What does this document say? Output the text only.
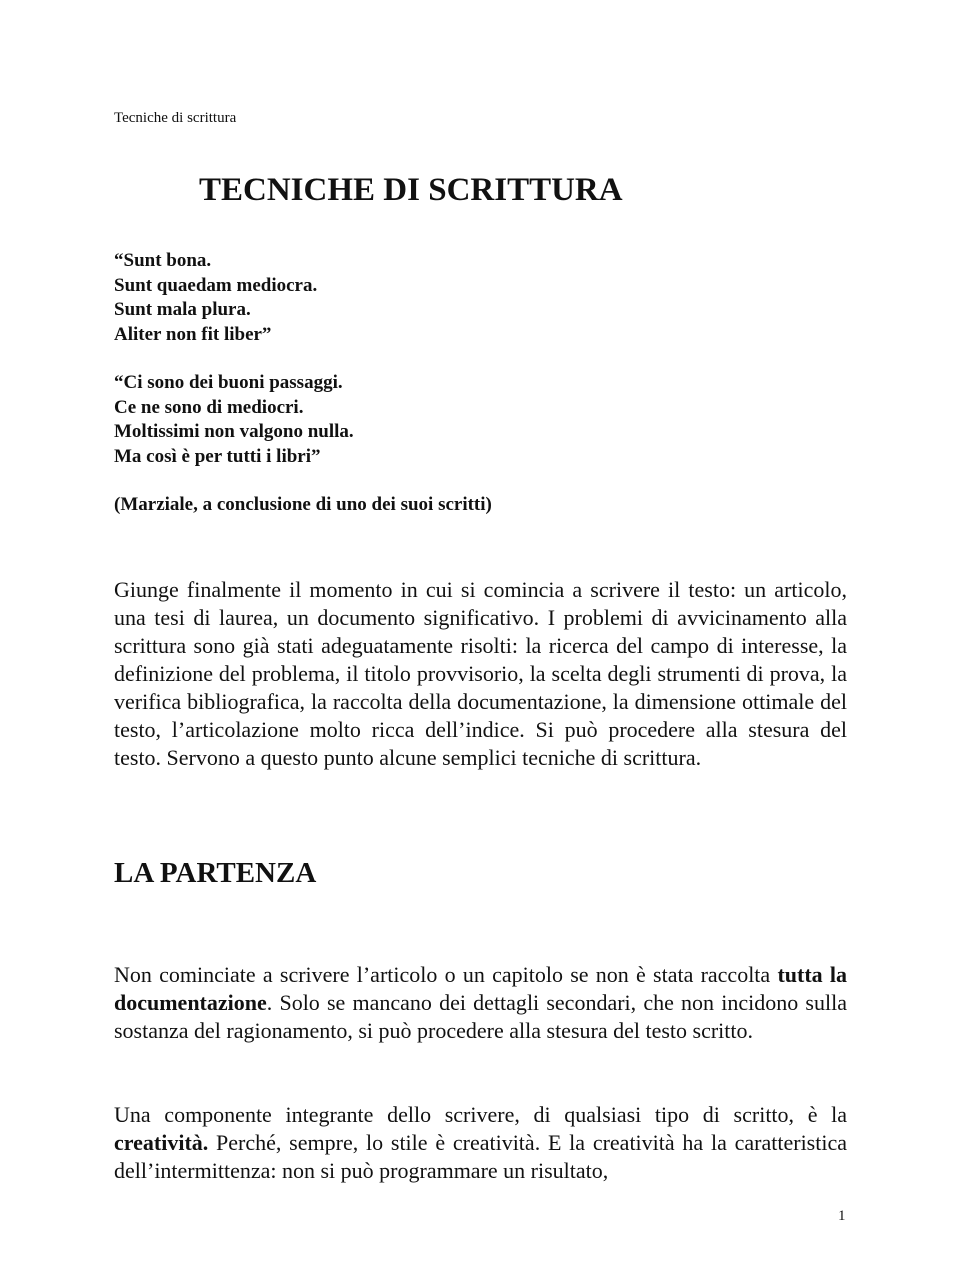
Tecniche di scrittura
TECNICHE DI SCRITTURA
“Sunt bona.
Sunt quaedam mediocra.
Sunt mala plura.
Aliter non fit liber”
“Ci sono dei buoni passaggi.
Ce ne sono di mediocri.
Moltissimi non valgono nulla.
Ma così è per tutti i libri”
(Marziale, a conclusione di uno dei suoi scritti)

Giunge finalmente il momento in cui si comincia a scrivere il testo: un articolo, una tesi di laurea, un documento significativo. I problemi di avvicinamento alla scrittura sono già stati adeguatamente risolti: la ricerca del campo di interesse, la definizione del problema, il titolo provvisorio, la scelta degli strumenti di prova, la verifica bibliografica, la raccolta della documentazione, la dimensione ottimale del testo, l’articolazione molto ricca dell’indice. Si può procedere alla stesura del testo. Servono a questo punto alcune semplici tecniche di scrittura.

LA PARTENZA

Non cominciate a scrivere l’articolo o un capitolo se non è stata raccolta tutta la documentazione. Solo se mancano dei dettagli secondari, che non incidono sulla sostanza del ragionamento, si può procedere alla stesura del testo scritto.

Una componente integrante dello scrivere, di qualsiasi tipo di scritto, è la creatività. Perché, sempre, lo stile è creatività. E la creatività ha la caratteristica dell’intermittenza: non si può programmare un risultato,

1
